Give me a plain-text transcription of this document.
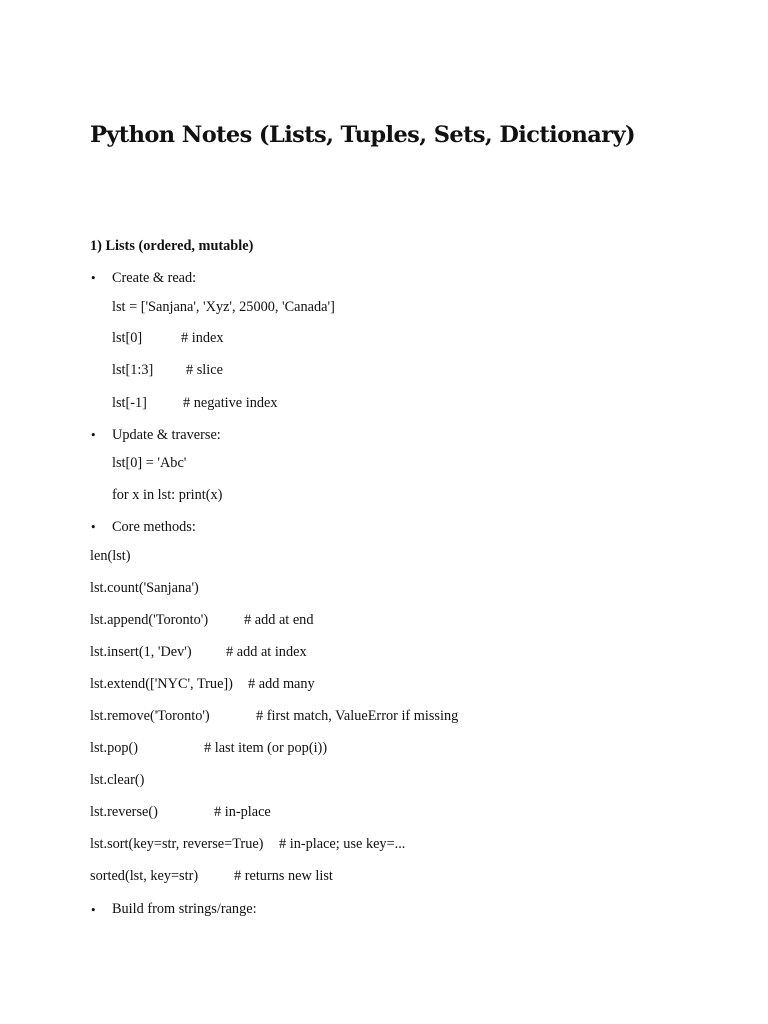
Python Notes (Lists, Tuples, Sets, Dictionary)
1) Lists (ordered, mutable)
•	Create & read:
lst = ['Sanjana', 'Xyz', 25000, 'Canada']
lst[0]	# index
lst[1:3] # slice
lst[-1]	# negative index
•	Update & traverse:
lst[0] = 'Abc'
for x in lst: print(x)
•	Core methods:
len(lst)
lst.count('Sanjana')
lst.append('Toronto')	# add at end
lst.insert(1, 'Dev') # add at index
lst.extend(['NYC', True]) # add many
lst.remove('Toronto')	# first match, ValueError if missing
lst.pop()	# last item (or pop(i))
lst.clear()
lst.reverse()	# in-place
lst.sort(key=str, reverse=True) # in-place; use key=...
sorted(lst, key=str)	# returns new list
•	Build from strings/range:
